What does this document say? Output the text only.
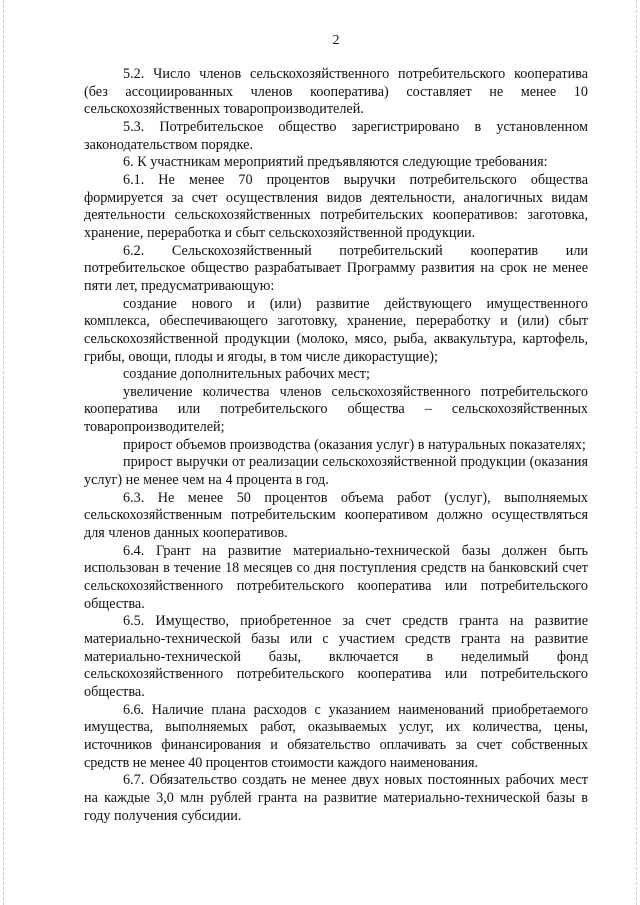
2

5.2. Число членов сельскохозяйственного потребительского кооператива (без ассоциированных членов кооператива) составляет не менее 10 сельскохозяйственных товаропроизводителей.

5.3. Потребительское общество зарегистрировано в установленном законодательством порядке.

6. К участникам мероприятий предъявляются следующие требования:

6.1. Не менее 70 процентов выручки потребительского общества формируется за счет осуществления видов деятельности, аналогичных видам деятельности сельскохозяйственных потребительских кооперативов: заготовка, хранение, переработка и сбыт сельскохозяйственной продукции.

6.2. Сельскохозяйственный потребительский кооператив или потребительское общество разрабатывает Программу развития на срок не менее пяти лет, предусматривающую:

создание нового и (или) развитие действующего имущественного комплекса, обеспечивающего заготовку, хранение, переработку и (или) сбыт сельскохозяйственной продукции (молоко, мясо, рыба, аквакультура, картофель, грибы, овощи, плоды и ягоды, в том числе дикорастущие);

создание дополнительных рабочих мест;

увеличение количества членов сельскохозяйственного потребительского кооператива или потребительского общества – сельскохозяйственных товаропроизводителей;

прирост объемов производства (оказания услуг) в натуральных показателях;

прирост выручки от реализации сельскохозяйственной продукции (оказания услуг) не менее чем на 4 процента в год.

6.3. Не менее 50 процентов объема работ (услуг), выполняемых сельскохозяйственным потребительским кооперативом должно осуществляться для членов данных кооперативов.

6.4. Грант на развитие материально-технической базы должен быть использован в течение 18 месяцев со дня поступления средств на банковский счет сельскохозяйственного потребительского кооператива или потребительского общества.

6.5. Имущество, приобретенное за счет средств гранта на развитие материально-технической базы или с участием средств гранта на развитие материально-технической базы, включается в неделимый фонд сельскохозяйственного потребительского кооператива или потребительского общества.

6.6. Наличие плана расходов с указанием наименований приобретаемого имущества, выполняемых работ, оказываемых услуг, их количества, цены, источников финансирования и обязательство оплачивать за счет собственных средств не менее 40 процентов стоимости каждого наименования.

6.7. Обязательство создать не менее двух новых постоянных рабочих мест на каждые 3,0 млн рублей гранта на развитие материально-технической базы в году получения субсидии.
